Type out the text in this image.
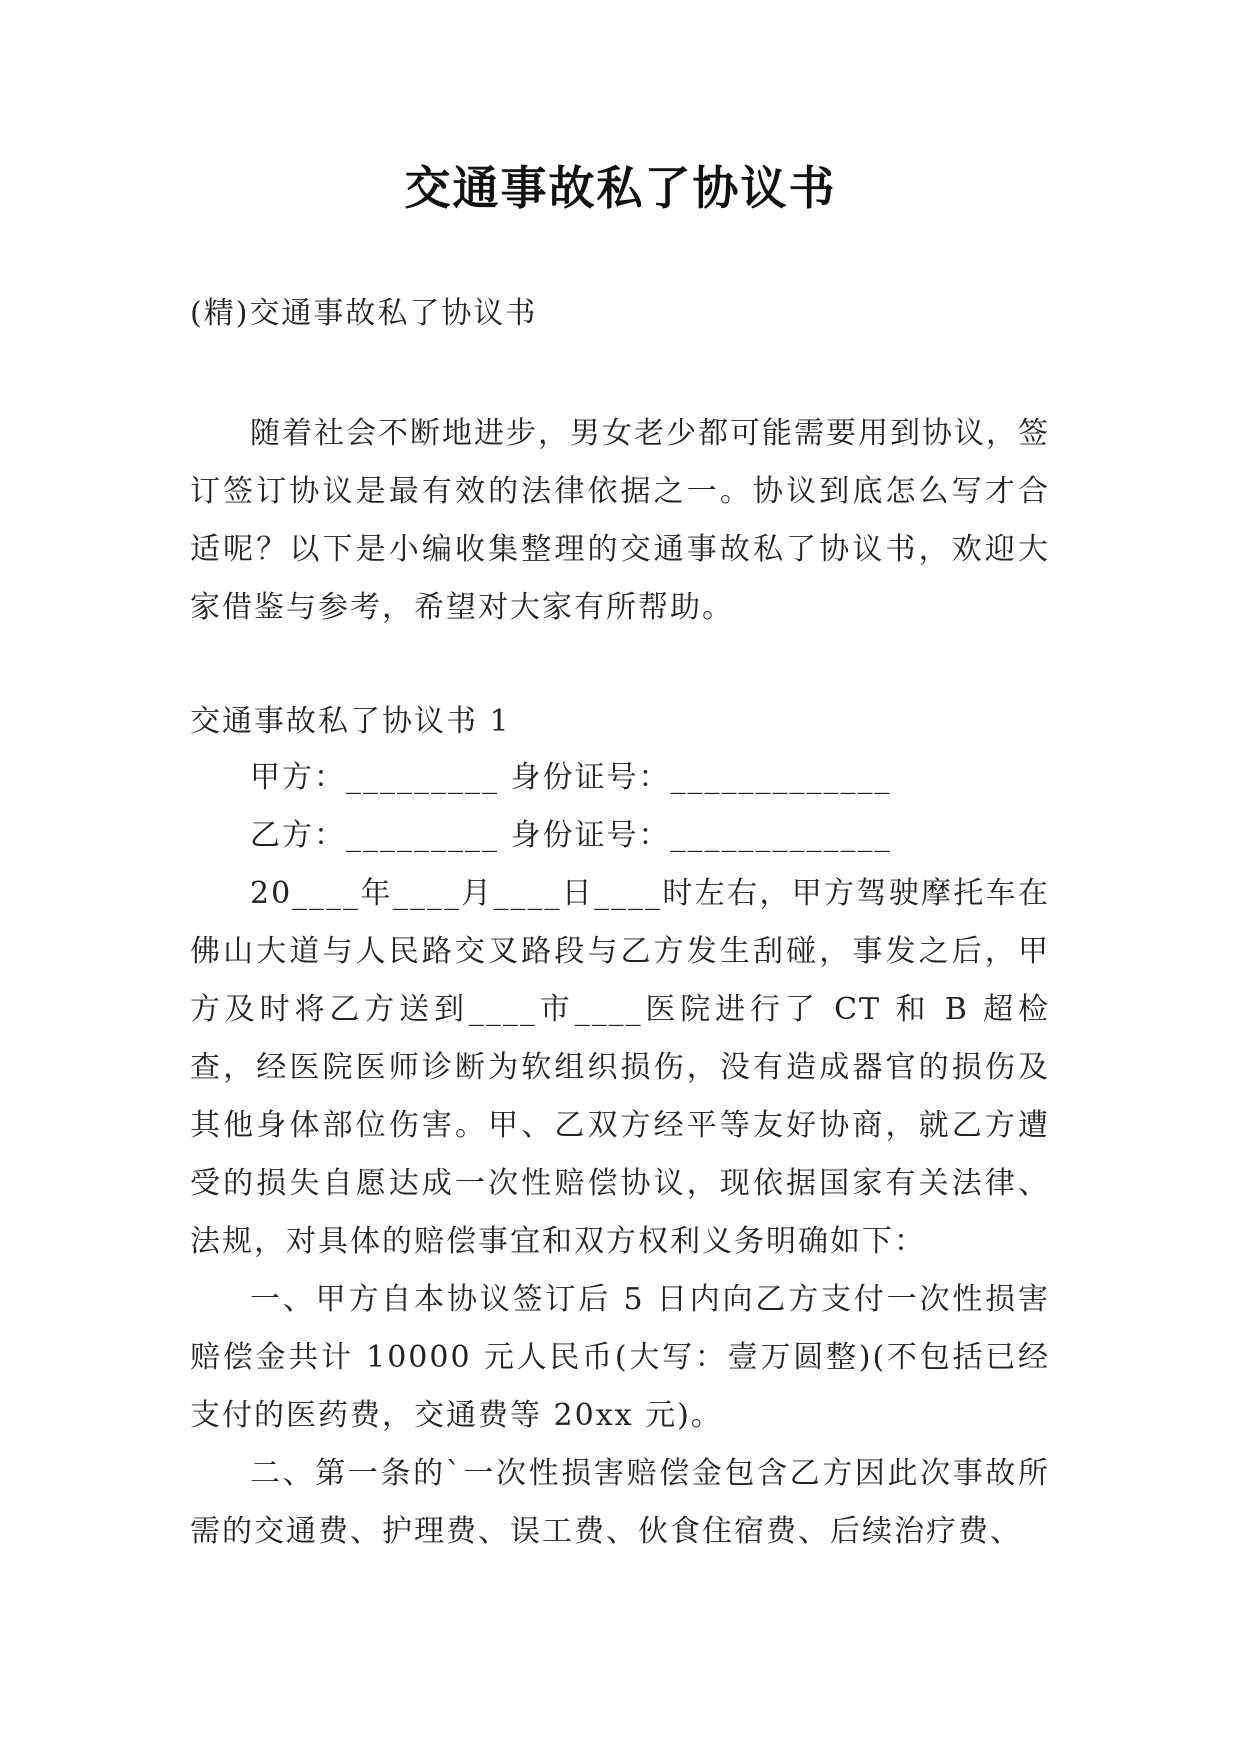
交通事故私了协议书
(精)交通事故私了协议书

随着社会不断地进步，男女老少都可能需要用到协议，签订签订协议是最有效的法律依据之一。协议到底怎么写才合适呢？以下是小编收集整理的交通事故私了协议书，欢迎大家借鉴与参考，希望对大家有所帮助。

交通事故私了协议书 1

甲方：_________ 身份证号：_____________

乙方：_________ 身份证号：_____________

20____年____月____日____时左右，甲方驾驶摩托车在佛山大道与人民路交叉路段与乙方发生刮碰，事发之后，甲方及时将乙方送到____市____医院进行了 CT 和 B 超检查，经医院医师诊断为软组织损伤，没有造成器官的损伤及其他身体部位伤害。甲、乙双方经平等友好协商，就乙方遭受的损失自愿达成一次性赔偿协议，现依据国家有关法律、法规，对具体的赔偿事宜和双方权利义务明确如下：

一、甲方自本协议签订后 5 日内向乙方支付一次性损害赔偿金共计 10000 元人民币(大写：壹万圆整)(不包括已经支付的医药费，交通费等 20xx 元)。

二、第一条的`一次性损害赔偿金包含乙方因此次事故所需的交通费、护理费、误工费、伙食住宿费、后续治疗费、
